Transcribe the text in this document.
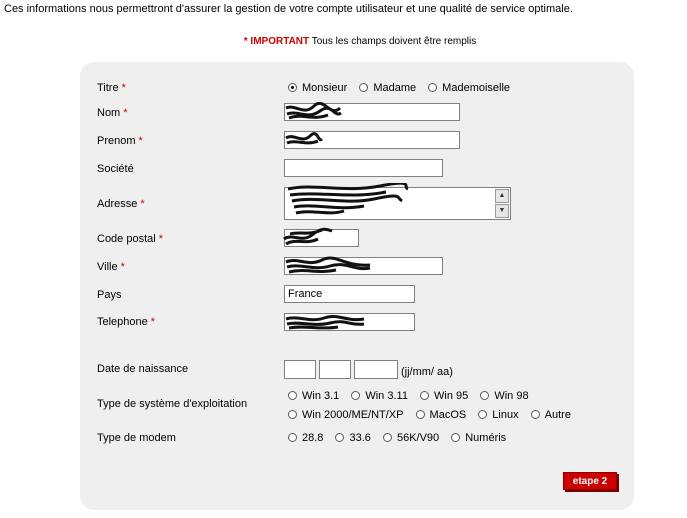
Ces informations nous permettront d'assurer la gestion de votre compte utilisateur et une qualité de service optimale.
* IMPORTANT Tous les champs doivent être remplis
Titre *
Nom *
Prenom *
Société
Adresse *
Code postal *
Ville *
Pays
Telephone *
Date de naissance
Type de système d'exploitation
Type de modem
Monsieur Madame Mademoiselle
▲
▼
France
(jj/mm/ aa)
Win 3.1 Win 3.11 Win 95 Win 98
Win 2000/ME/NT/XP MacOS Linux Autre
28.8 33.6 56K/V90 Numéris
etape 2
